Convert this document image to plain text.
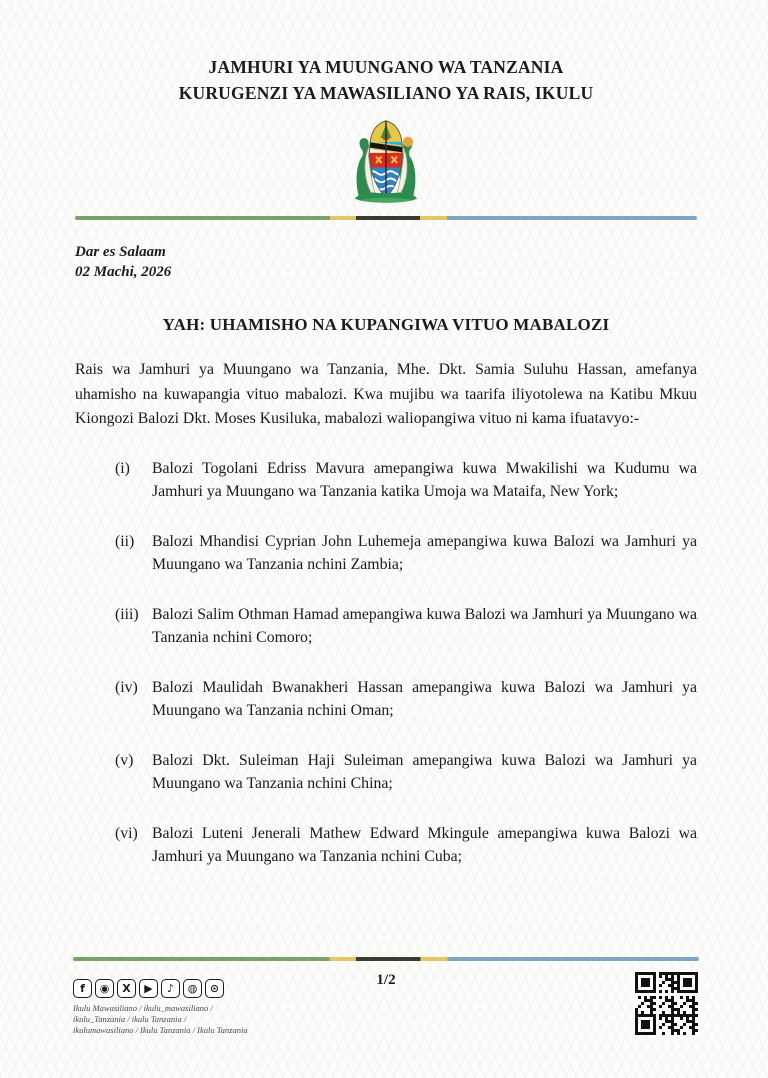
JAMHURI YA MUUNGANO WA TANZANIA
KURUGENZI YA MAWASILIANO YA RAIS, IKULU
Dar es Salaam
02 Machi, 2026
YAH: UHAMISHO NA KUPANGIWA VITUO MABALOZI
Rais wa Jamhuri ya Muungano wa Tanzania, Mhe. Dkt. Samia Suluhu Hassan, amefanya uhamisho na kuwapangia vituo mabalozi. Kwa mujibu wa taarifa iliyotolewa na Katibu Mkuu Kiongozi Balozi Dkt. Moses Kusiluka, mabalozi waliopangiwa vituo ni kama ifuatavyo:-
(i)	Balozi Togolani Edriss Mavura amepangiwa kuwa Mwakilishi wa Kudumu wa Jamhuri ya Muungano wa Tanzania katika Umoja wa Mataifa, New York;
(ii)	Balozi Mhandisi Cyprian John Luhemeja amepangiwa kuwa Balozi wa Jamhuri ya Muungano wa Tanzania nchini Zambia;
(iii) Balozi Salim Othman Hamad amepangiwa kuwa Balozi wa Jamhuri ya Muungano wa Tanzania nchini Comoro;
(iv) Balozi Maulidah Bwanakheri Hassan amepangiwa kuwa Balozi wa Jamhuri ya Muungano wa Tanzania nchini Oman;
(v)	Balozi Dkt. Suleiman Haji Suleiman amepangiwa kuwa Balozi wa Jamhuri ya Muungano wa Tanzania nchini China;
(vi) Balozi Luteni Jenerali Mathew Edward Mkingule amepangiwa kuwa Balozi wa Jamhuri ya Muungano wa Tanzania nchini Cuba;
1/2
f	◉	X	▶	♪	◍	⊙
Ikulu Mawasiliano / ikulu_mawasiliano /
ikulu_Tanzania / ikulu Tanzania /
ikulumawasiliano / Ikulu Tanzania / Ikulu Tanzania
